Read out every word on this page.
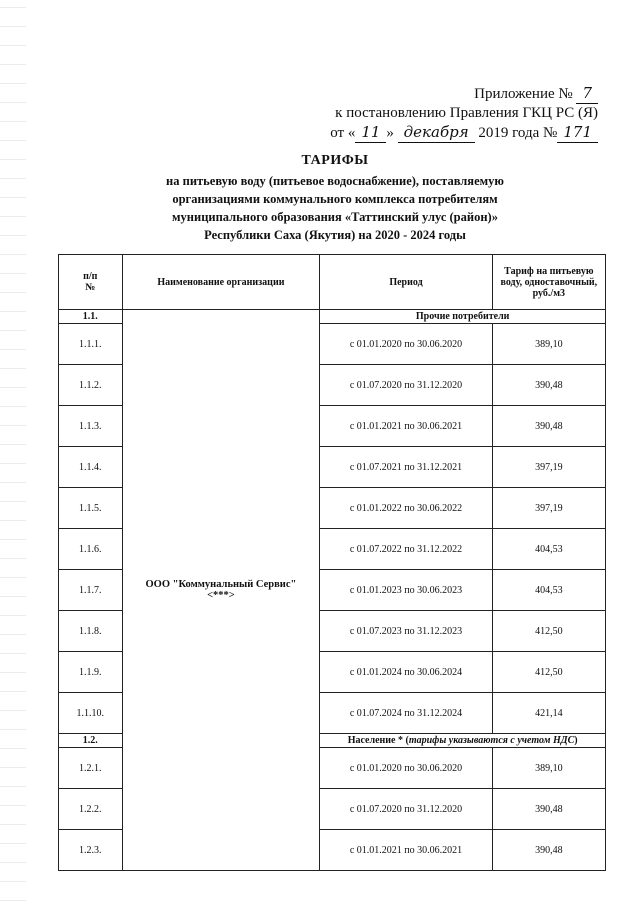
Приложение № 7
к постановлению Правления ГКЦ РС (Я)
от « 11 » декабря 2019 года № 171
ТАРИФЫ
на питьевую воду (питьевое водоснабжение), поставляемую
организациями коммунального комплекса потребителям
муниципального образования «Таттинский улус (район)»
Республики Саха (Якутия) на 2020 - 2024 годы
п/п
№	Наименование организации	Период	Тариф на питьевую воду, одноставочный, руб./м3
1.1.	ООО "Коммунальный Сервис"
<***>	Прочие потребители	
1.1.1.		с 01.01.2020 по 30.06.2020	389,10
1.1.2.		с 01.07.2020 по 31.12.2020	390,48
1.1.3.		с 01.01.2021 по 30.06.2021	390,48
1.1.4.		с 01.07.2021 по 31.12.2021	397,19
1.1.5.		с 01.01.2022 по 30.06.2022	397,19
1.1.6.		с 01.07.2022 по 31.12.2022	404,53
1.1.7.		с 01.01.2023 по 30.06.2023	404,53
1.1.8.		с 01.07.2023 по 31.12.2023	412,50
1.1.9.		с 01.01.2024 по 30.06.2024	412,50
1.1.10.		с 01.07.2024 по 31.12.2024	421,14
1.2.		Население * (тарифы указываются с учетом НДС)	
1.2.1.		с 01.01.2020 по 30.06.2020	389,10
1.2.2.		с 01.07.2020 по 31.12.2020	390,48
1.2.3.		с 01.01.2021 по 30.06.2021	390,48
